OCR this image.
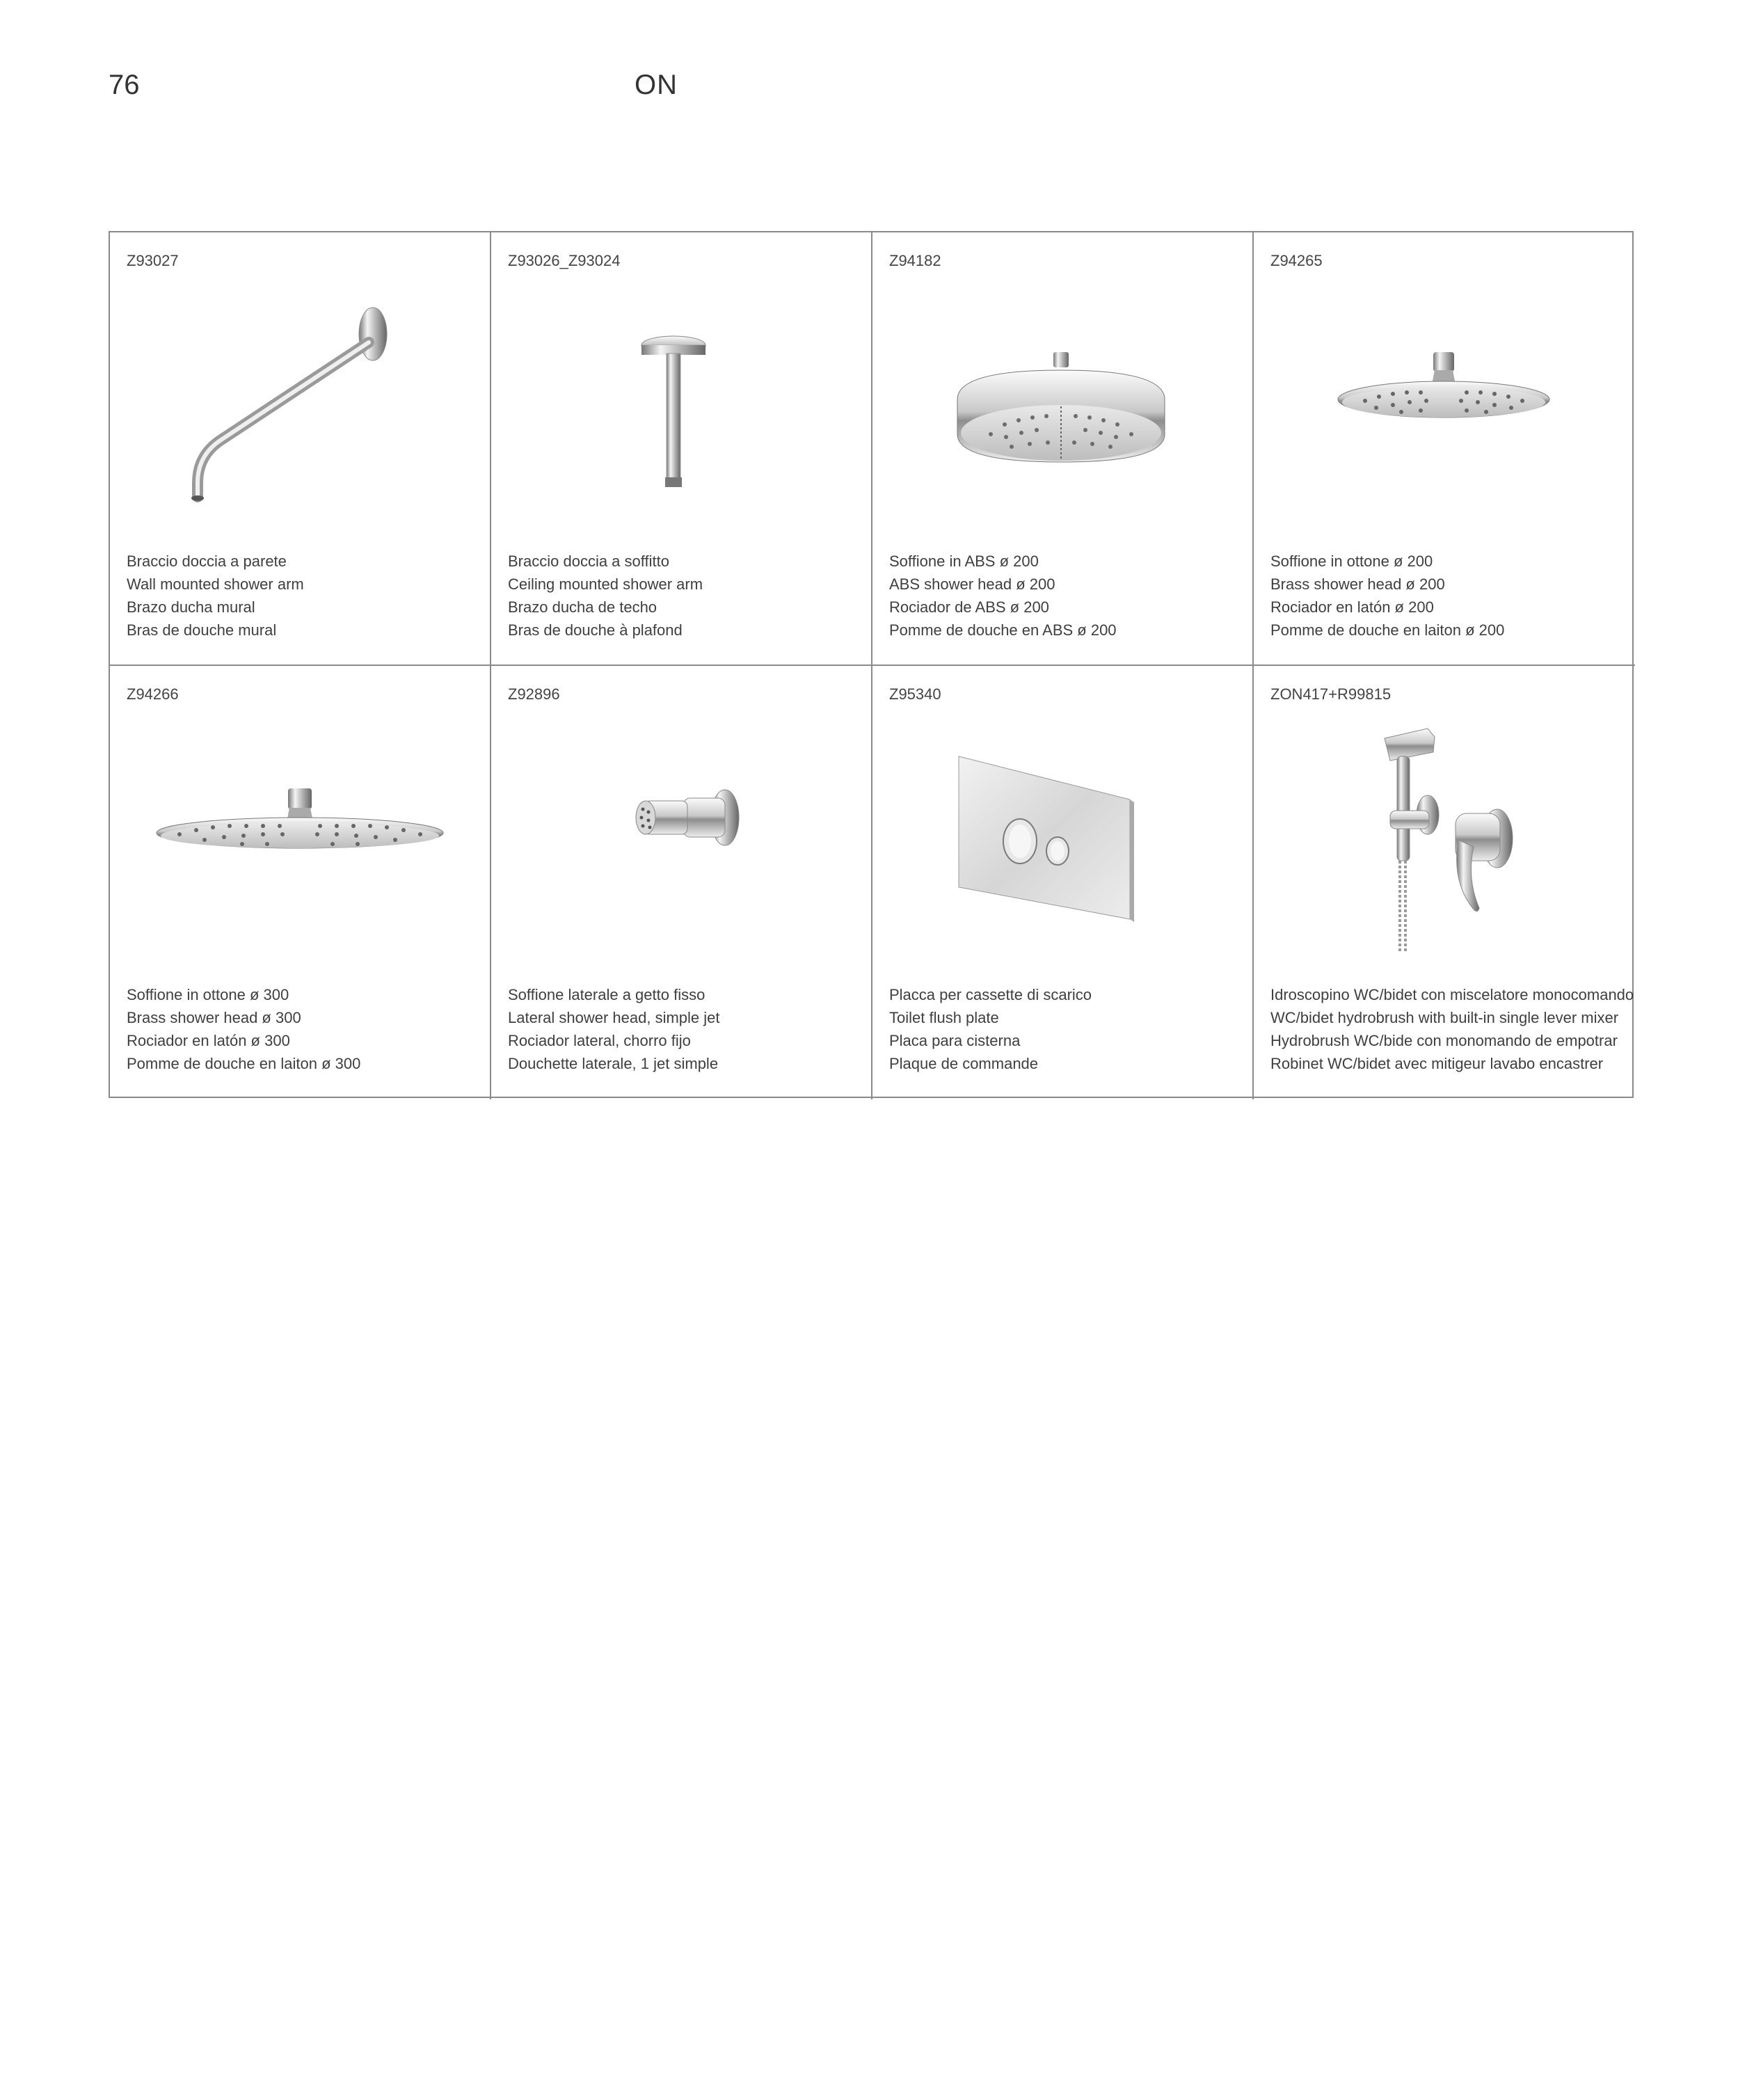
76	ON
Z93027
Braccio doccia a parete
Wall mounted shower arm
Brazo ducha mural
Bras de douche mural
Z93026_Z93024
Braccio doccia a soffitto
Ceiling mounted shower arm
Brazo ducha de techo
Bras de douche à plafond
Z94182
Soffione in ABS ø 200
ABS shower head ø 200
Rociador de ABS ø 200
Pomme de douche en ABS ø 200
Z94265
Soffione in ottone ø 200
Brass shower head ø 200
Rociador en latón ø 200
Pomme de douche en laiton ø 200
Z94266
Soffione in ottone ø 300
Brass shower head ø 300
Rociador en latón ø 300
Pomme de douche en laiton ø 300
Z92896
Soffione laterale a getto fisso
Lateral shower head, simple jet
Rociador lateral, chorro fijo
Douchette laterale, 1 jet simple
Z95340
Placca per cassette di scarico
Toilet flush plate
Placa para cisterna
Plaque de commande
ZON417+R99815
Idroscopino WC/bidet con miscelatore monocomando
WC/bidet hydrobrush with built-in single lever mixer
Hydrobrush WC/bide con monomando de empotrar
Robinet WC/bidet avec mitigeur lavabo encastrer
